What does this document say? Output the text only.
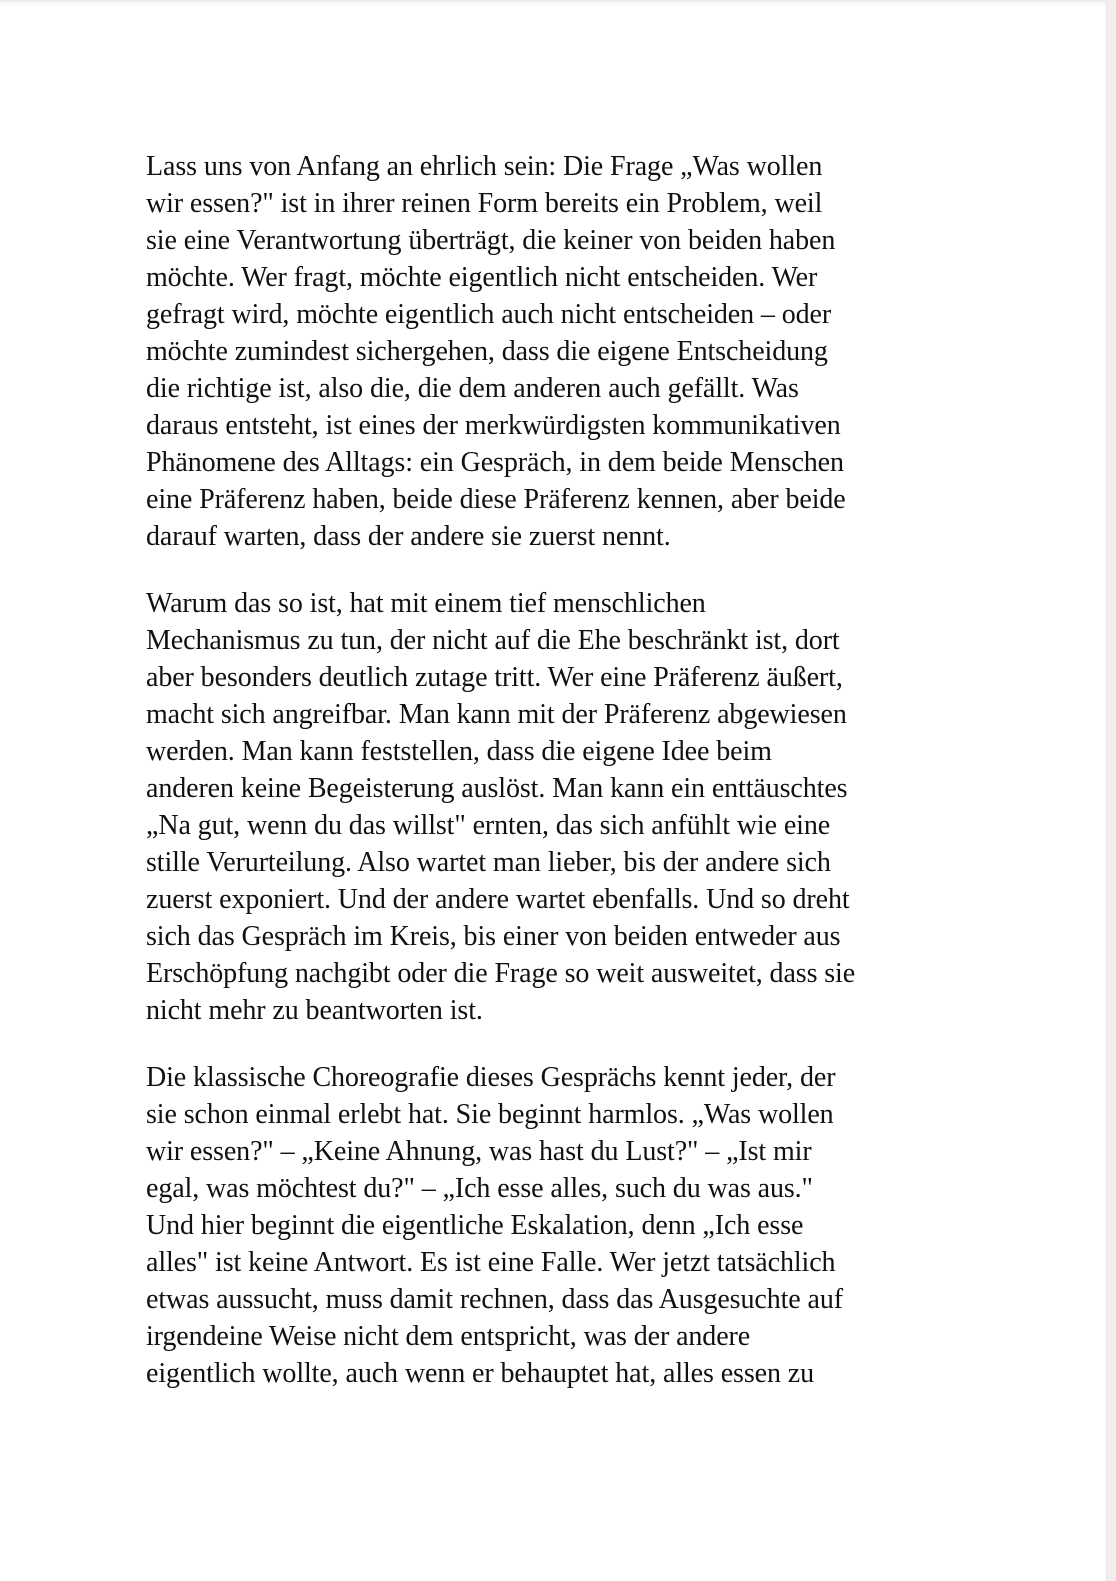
Lass uns von Anfang an ehrlich sein: Die Frage „Was wollen
wir essen?" ist in ihrer reinen Form bereits ein Problem, weil
sie eine Verantwortung überträgt, die keiner von beiden haben
möchte. Wer fragt, möchte eigentlich nicht entscheiden. Wer
gefragt wird, möchte eigentlich auch nicht entscheiden – oder
möchte zumindest sichergehen, dass die eigene Entscheidung
die richtige ist, also die, die dem anderen auch gefällt. Was
daraus entsteht, ist eines der merkwürdigsten kommunikativen
Phänomene des Alltags: ein Gespräch, in dem beide Menschen
eine Präferenz haben, beide diese Präferenz kennen, aber beide
darauf warten, dass der andere sie zuerst nennt.

Warum das so ist, hat mit einem tief menschlichen
Mechanismus zu tun, der nicht auf die Ehe beschränkt ist, dort
aber besonders deutlich zutage tritt. Wer eine Präferenz äußert,
macht sich angreifbar. Man kann mit der Präferenz abgewiesen
werden. Man kann feststellen, dass die eigene Idee beim
anderen keine Begeisterung auslöst. Man kann ein enttäuschtes
„Na gut, wenn du das willst" ernten, das sich anfühlt wie eine
stille Verurteilung. Also wartet man lieber, bis der andere sich
zuerst exponiert. Und der andere wartet ebenfalls. Und so dreht
sich das Gespräch im Kreis, bis einer von beiden entweder aus
Erschöpfung nachgibt oder die Frage so weit ausweitet, dass sie
nicht mehr zu beantworten ist.

Die klassische Choreografie dieses Gesprächs kennt jeder, der
sie schon einmal erlebt hat. Sie beginnt harmlos. „Was wollen
wir essen?" – „Keine Ahnung, was hast du Lust?" – „Ist mir
egal, was möchtest du?" – „Ich esse alles, such du was aus."
Und hier beginnt die eigentliche Eskalation, denn „Ich esse
alles" ist keine Antwort. Es ist eine Falle. Wer jetzt tatsächlich
etwas aussucht, muss damit rechnen, dass das Ausgesuchte auf
irgendeine Weise nicht dem entspricht, was der andere
eigentlich wollte, auch wenn er behauptet hat, alles essen zu
